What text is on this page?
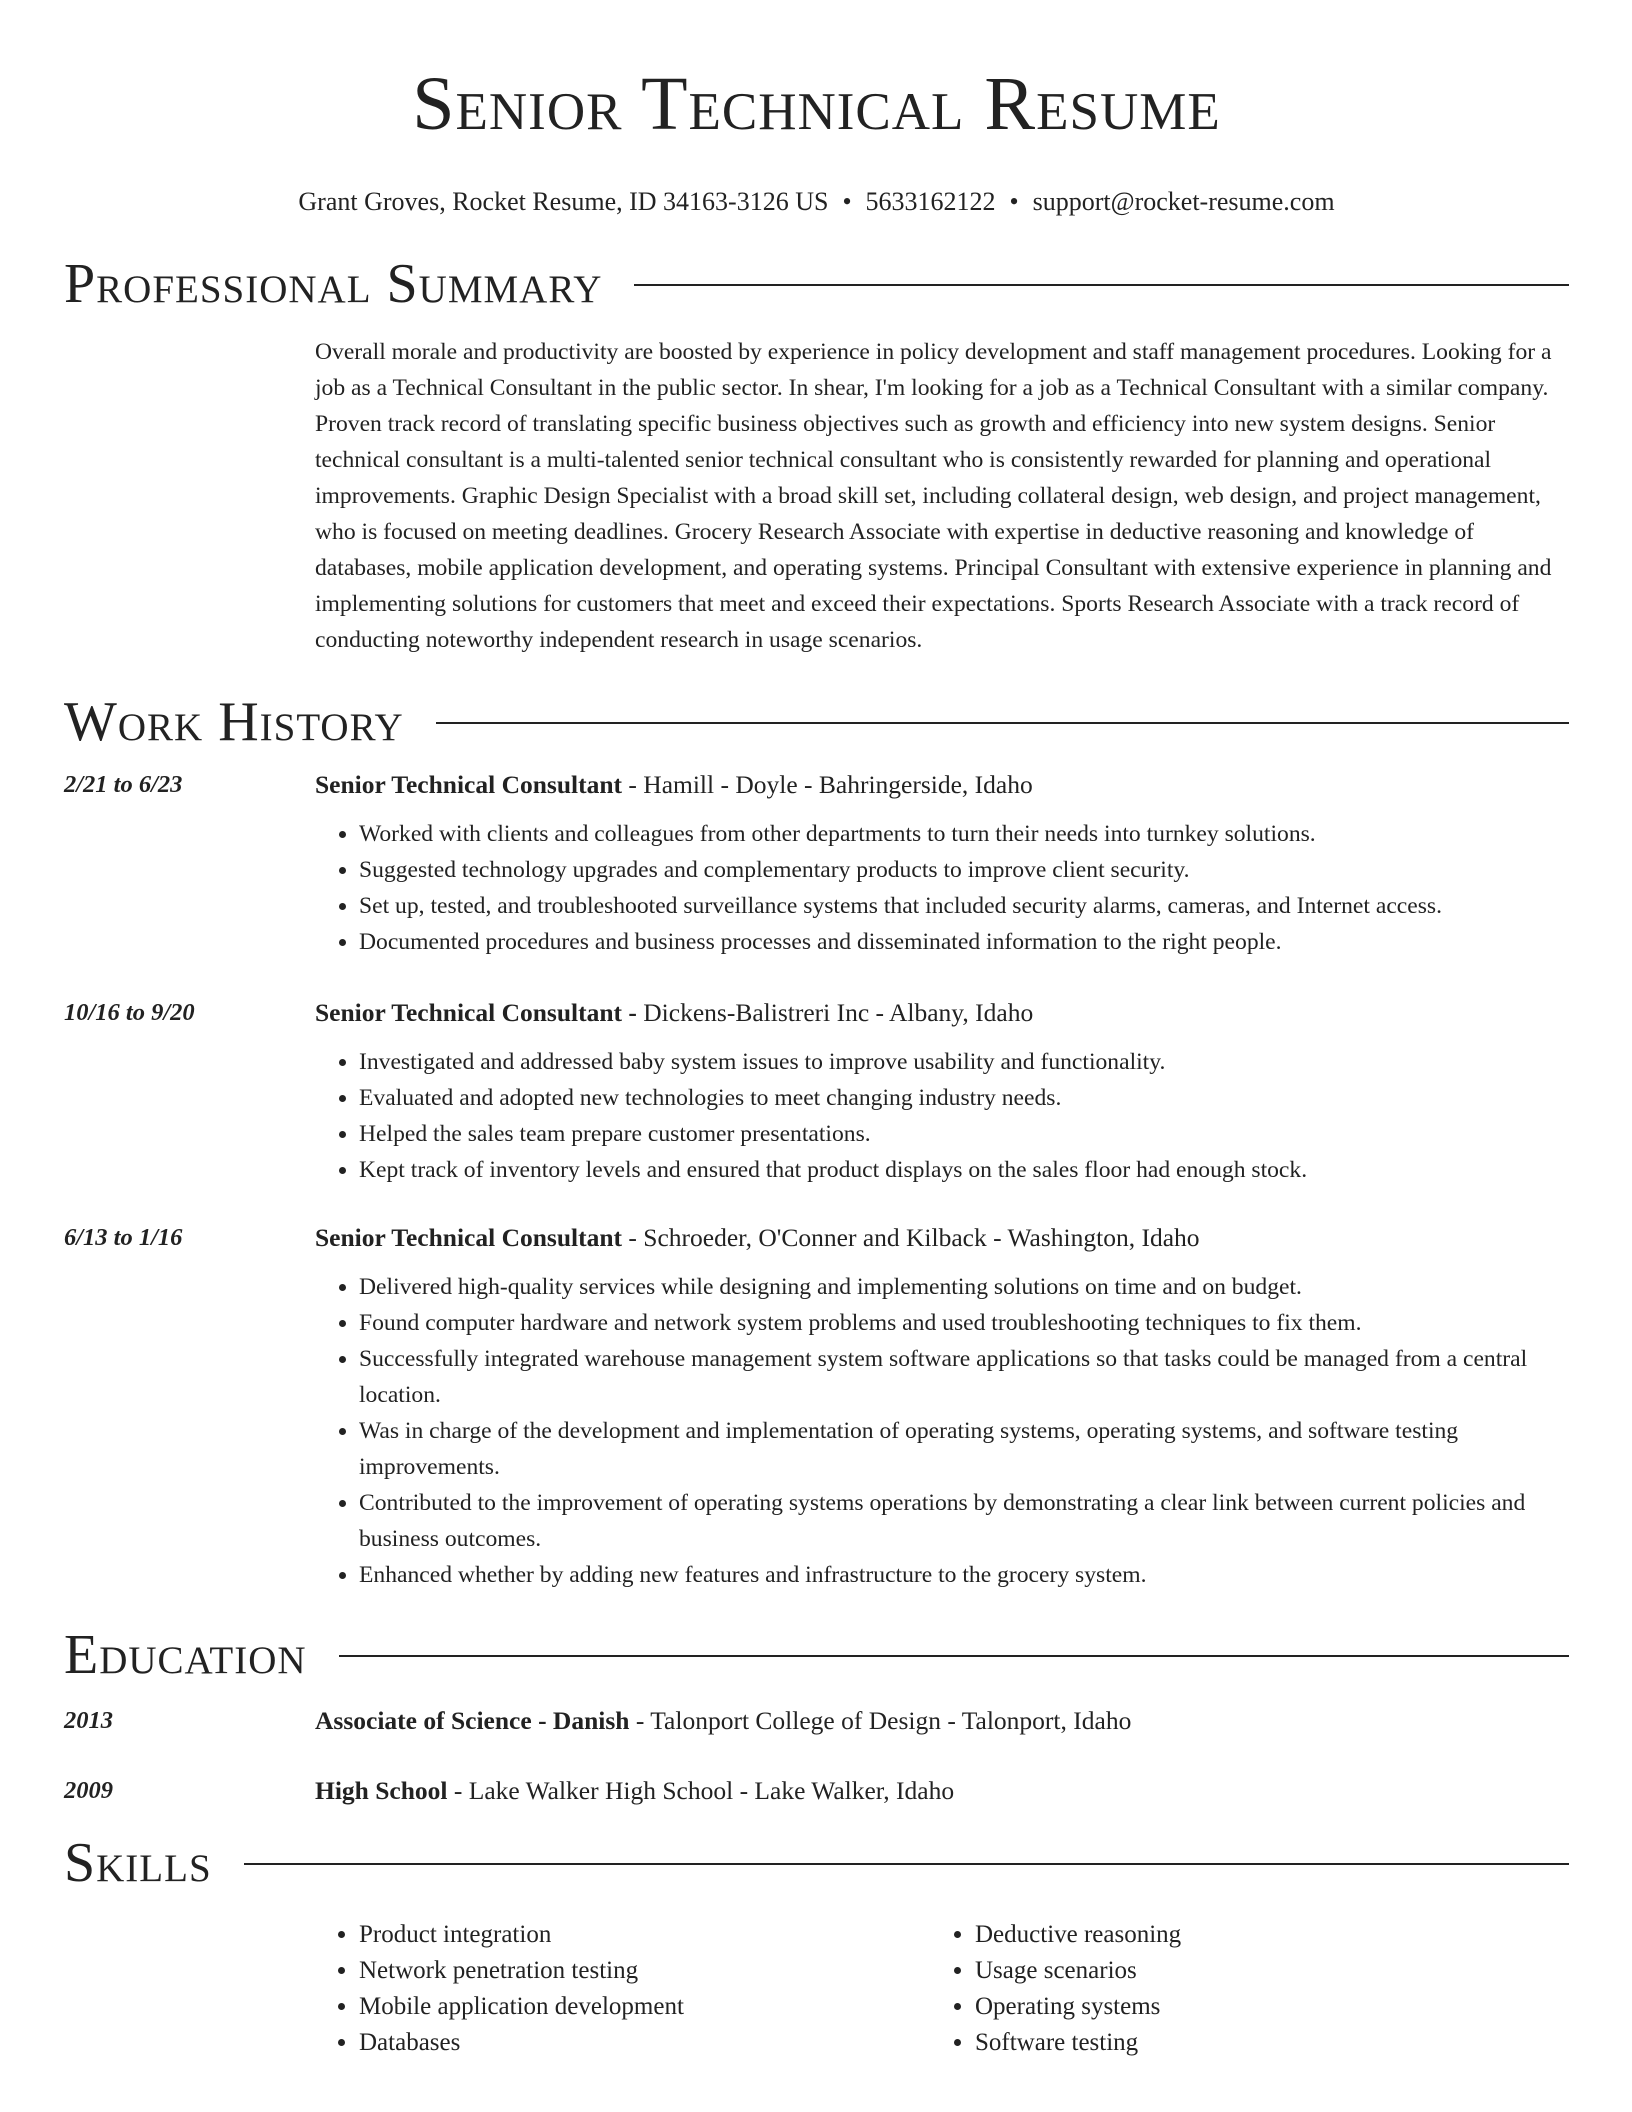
Senior Technical Resume
Grant Groves, Rocket Resume, ID 34163-3126 US • 5633162122 • support@rocket-resume.com
Professional Summary
Overall morale and productivity are boosted by experience in policy development and staff management procedures. Looking for a job as a Technical Consultant in the public sector. In shear, I'm looking for a job as a Technical Consultant with a similar company. Proven track record of translating specific business objectives such as growth and efficiency into new system designs. Senior technical consultant is a multi-talented senior technical consultant who is consistently rewarded for planning and operational improvements. Graphic Design Specialist with a broad skill set, including collateral design, web design, and project management, who is focused on meeting deadlines. Grocery Research Associate with expertise in deductive reasoning and knowledge of databases, mobile application development, and operating systems. Principal Consultant with extensive experience in planning and implementing solutions for customers that meet and exceed their expectations. Sports Research Associate with a track record of conducting noteworthy independent research in usage scenarios.
Work History
2/21 to 6/23	Senior Technical Consultant - Hamill - Doyle - Bahringerside, Idaho
• Worked with clients and colleagues from other departments to turn their needs into turnkey solutions.
• Suggested technology upgrades and complementary products to improve client security.
• Set up, tested, and troubleshooted surveillance systems that included security alarms, cameras, and Internet access.
• Documented procedures and business processes and disseminated information to the right people.
10/16 to 9/20	Senior Technical Consultant - Dickens-Balistreri Inc - Albany, Idaho
• Investigated and addressed baby system issues to improve usability and functionality.
• Evaluated and adopted new technologies to meet changing industry needs.
• Helped the sales team prepare customer presentations.
• Kept track of inventory levels and ensured that product displays on the sales floor had enough stock.
6/13 to 1/16	Senior Technical Consultant - Schroeder, O'Conner and Kilback - Washington, Idaho
• Delivered high-quality services while designing and implementing solutions on time and on budget.
• Found computer hardware and network system problems and used troubleshooting techniques to fix them.
• Successfully integrated warehouse management system software applications so that tasks could be managed from a central location.
• Was in charge of the development and implementation of operating systems, operating systems, and software testing improvements.
• Contributed to the improvement of operating systems operations by demonstrating a clear link between current policies and business outcomes.
• Enhanced whether by adding new features and infrastructure to the grocery system.
Education
2013	Associate of Science - Danish - Talonport College of Design - Talonport, Idaho
2009	High School - Lake Walker High School - Lake Walker, Idaho
Skills
• Product integration
• Network penetration testing
• Mobile application development
• Databases
• Deductive reasoning
• Usage scenarios
• Operating systems
• Software testing
